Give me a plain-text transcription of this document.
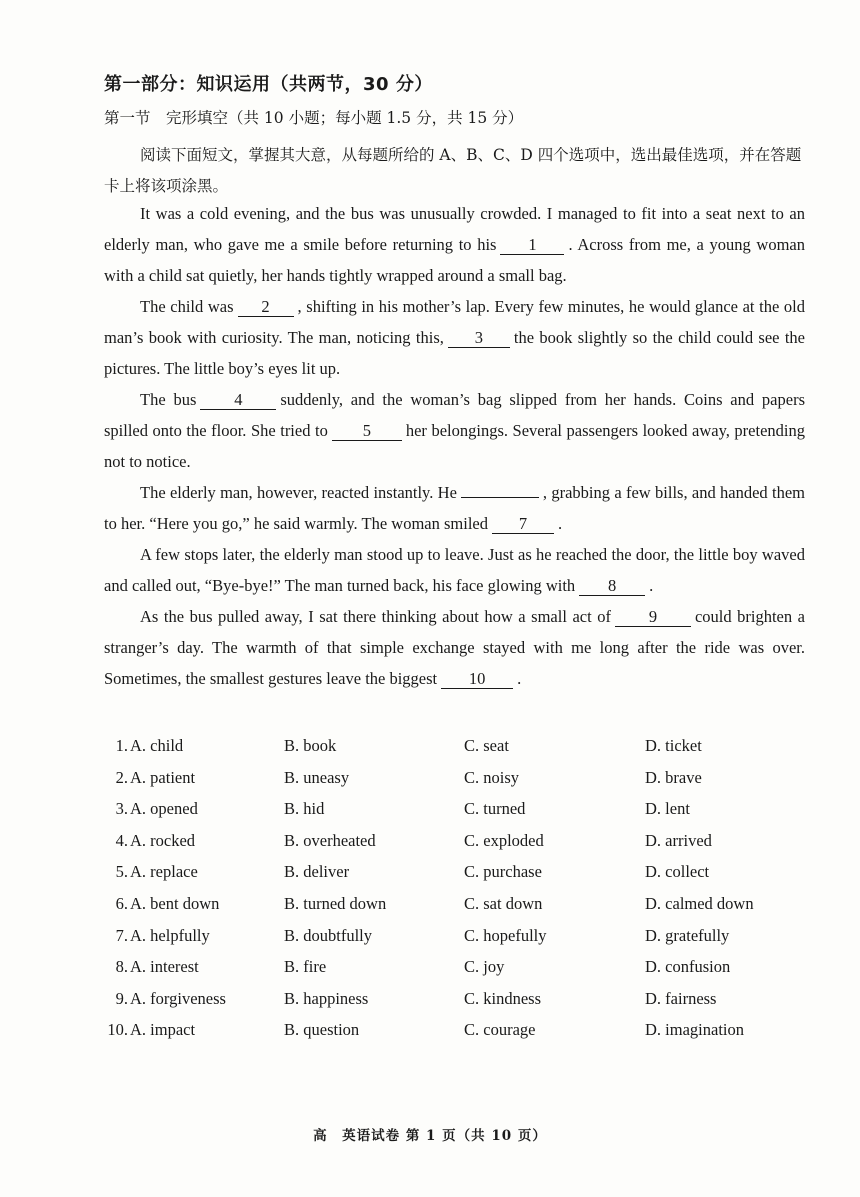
第一部分：知识运用（共两节，30 分）
第一节　完形填空（共 10 小题；每小题 1.5 分，共 15 分）

阅读下面短文，掌握其大意，从每题所给的 A、B、C、D 四个选项中，选出最佳选项，并在答题卡上将该项涂黑。

It was a cold evening, and the bus was unusually crowded. I managed to fit into a seat next to an elderly man, who gave me a smile before returning to his 1 . Across from me, a young woman with a child sat quietly, her hands tightly wrapped around a small bag.

The child was 2 , shifting in his mother’s lap. Every few minutes, he would glance at the old man’s book with curiosity. The man, noticing this, 3 the book slightly so the child could see the pictures. The little boy’s eyes lit up.

The bus 4 suddenly, and the woman’s bag slipped from her hands. Coins and papers spilled onto the floor. She tried to 5 her belongings. Several passengers looked away, pretending not to notice.

The elderly man, however, reacted instantly. He	, grabbing a few bills, and handed them to her. “Here you go,” he said warmly. The woman smiled 7 .

A few stops later, the elderly man stood up to leave. Just as he reached the door, the little boy waved and called out, “Bye-bye!” The man turned back, his face glowing with 8 .

As the bus pulled away, I sat there thinking about how a small act of 9 could brighten a stranger’s day. The warmth of that simple exchange stayed with me long after the ride was over. Sometimes, the smallest gestures leave the biggest 10 .

1. A. child	B. book	C. seat	D. ticket
2. A. patient	B. uneasy	C. noisy	D. brave
3. A. opened	B. hid	C. turned	D. lent
4. A. rocked	B. overheated	C. exploded	D. arrived
5. A. replace	B. deliver	C. purchase	D. collect
6. A. bent down	B. turned down	C. sat down	D. calmed down
7. A. helpfully	B. doubtfully	C. hopefully	D. gratefully
8. A. interest	B. fire	C. joy	D. confusion
9. A. forgiveness	B. happiness	C. kindness	D. fairness
10. A. impact	B. question	C. courage	D. imagination
高　英语试卷 第 1 页（共 10 页）
